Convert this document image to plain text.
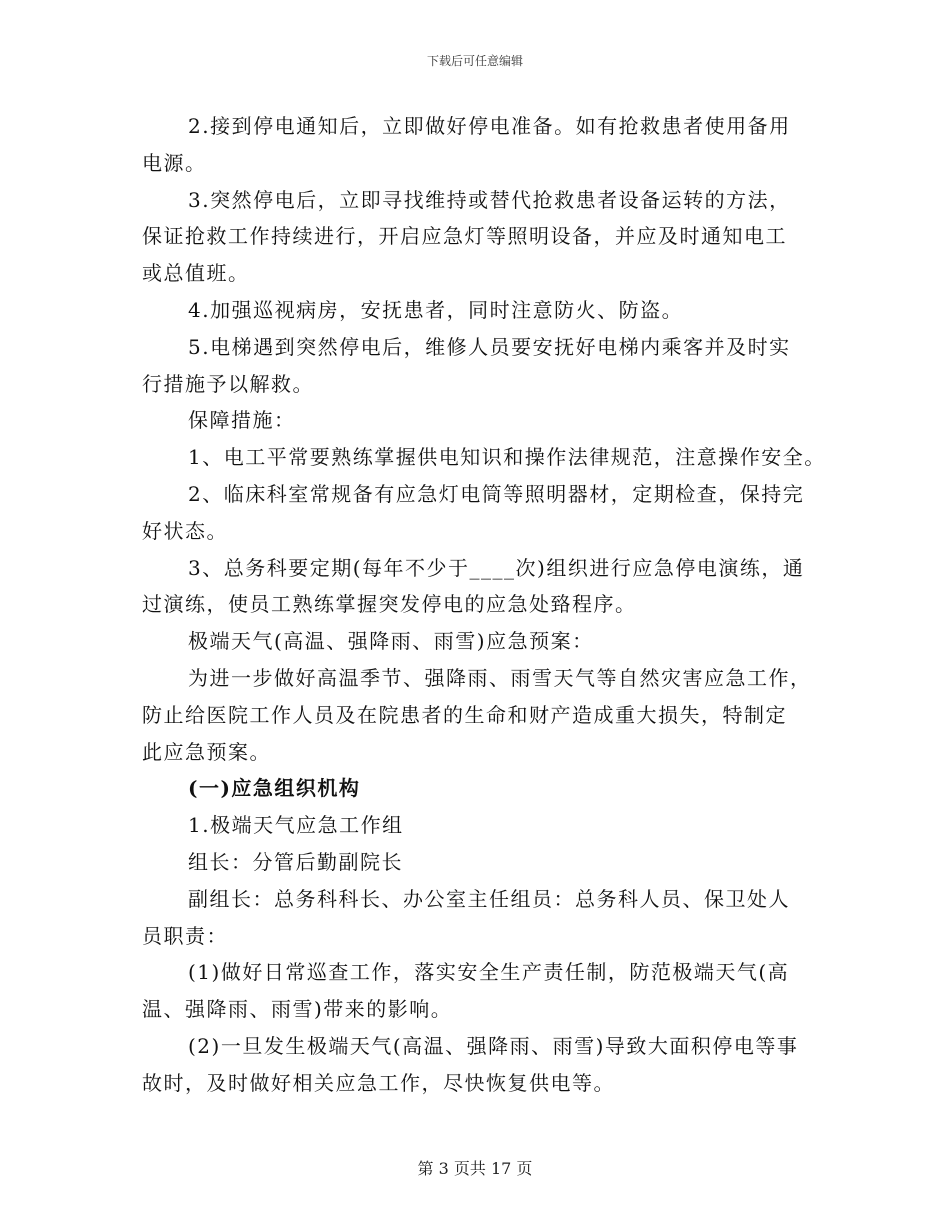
下载后可任意编辑
2.接到停电通知后，立即做好停电准备。如有抢救患者使用备用
电源。
3.突然停电后，立即寻找维持或替代抢救患者设备运转的方法，
保证抢救工作持续进行，开启应急灯等照明设备，并应及时通知电工
或总值班。
4.加强巡视病房，安抚患者，同时注意防火、防盗。
5.电梯遇到突然停电后，维修人员要安抚好电梯内乘客并及时实
行措施予以解救。
保障措施：
1、电工平常要熟练掌握供电知识和操作法律规范，注意操作安全。
2、临床科室常规备有应急灯电筒等照明器材，定期检查，保持完
好状态。
3、总务科要定期(每年不少于____次)组织进行应急停电演练，通
过演练，使员工熟练掌握突发停电的应急处臵程序。
极端天气(高温、强降雨、雨雪)应急预案：
为进一步做好高温季节、强降雨、雨雪天气等自然灾害应急工作，
防止给医院工作人员及在院患者的生命和财产造成重大损失，特制定
此应急预案。
(一)应急组织机构
1.极端天气应急工作组
组长：分管后勤副院长
副组长：总务科科长、办公室主任组员：总务科人员、保卫处人
员职责：
(1)做好日常巡查工作，落实安全生产责任制，防范极端天气(高
温、强降雨、雨雪)带来的影响。
(2)一旦发生极端天气(高温、强降雨、雨雪)导致大面积停电等事
故时，及时做好相关应急工作，尽快恢复供电等。
第 3 页共 17 页
